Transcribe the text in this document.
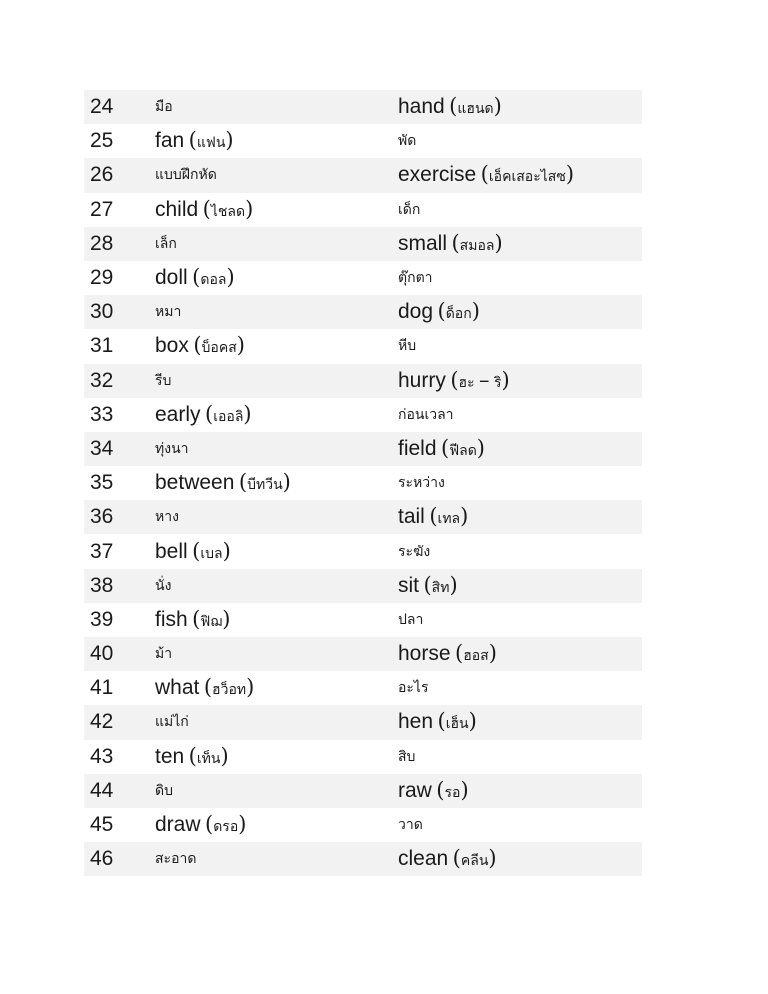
24	มือ	hand (แฮนด)
25	fan (แฟน)	พัด
26	แบบฝึกหัด	exercise (เอคเสอะไสซ)
27	child (ไชลด)	เด็ก
28	เล็ก	small (สมอล)
29	doll (ดอล)	ตุ๊กตา
30	หมา	dog (ดอก)
31	box (บอคส)	หีบ
32	รีบ	hurry (ฮะ – ร)
33	early (เออล)	ก่อนเวลา
34	ทุ่งนา	field (ฟลด)
35	between (บทวน)	ระหว่าง
36	หาง	tail (เทล)
37	bell (เบล)	ระฆัง
38	นั่ง	sit (สท)
39	fish (ฟฌ)	ปลา
40	ม้า	horse (ฮอส)
41	what (ฮวอท)	อะไร
42	แม่ไก่	hen (เฮน)
43	ten (เทน)	สิบ
44	ดิบ	raw (รอ)
45	draw (ดรอ)	วาด
46	สะอาด	clean (คลน)
